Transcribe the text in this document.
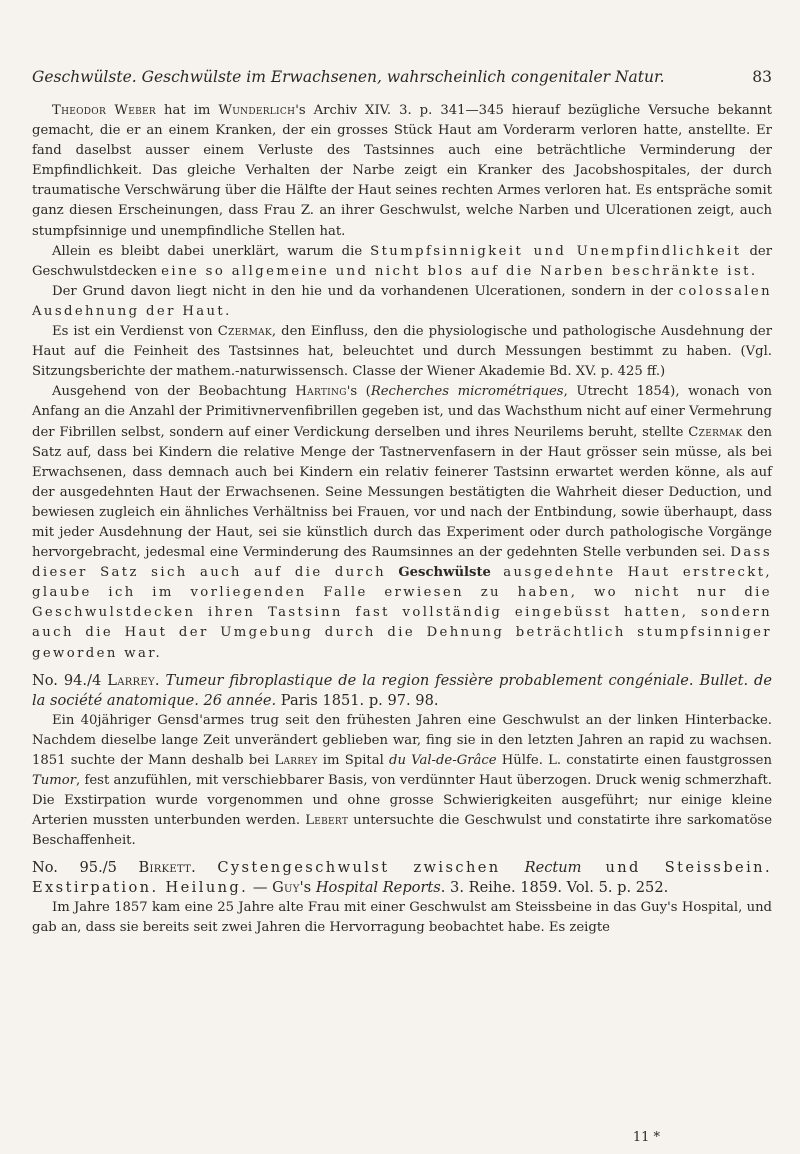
Geschwülste. Geschwülste im Erwachsenen, wahrscheinlich congenitaler Natur.	83

Theodor Weber hat im Wunderlich's Archiv XIV. 3. p. 341—345 hierauf bezügliche Versuche bekannt gemacht, die er an einem Kranken, der ein grosses Stück Haut am Vorderarm verloren hatte, anstellte. Er fand daselbst ausser einem Verluste des Tastsinnes auch eine beträchtliche Verminderung der Empfindlichkeit. Das gleiche Verhalten der Narbe zeigt ein Kranker des Jacobshospitales, der durch traumatische Verschwärung über die Hälfte der Haut seines rechten Armes verloren hat. Es entspräche somit ganz diesen Erscheinungen, dass Frau Z. an ihrer Geschwulst, welche Narben und Ulcerationen zeigt, auch stumpfsinnige und unempfindliche Stellen hat.

Allein es bleibt dabei unerklärt, warum die Stumpfsinnigkeit und Unempfindlichkeit der Geschwulstdecken eine so allgemeine und nicht blos auf die Narben beschränkte ist.

Der Grund davon liegt nicht in den hie und da vorhandenen Ulcerationen, sondern in der colossalen Ausdehnung der Haut.

Es ist ein Verdienst von Czermak, den Einfluss, den die physiologische und pathologische Ausdehnung der Haut auf die Feinheit des Tastsinnes hat, beleuchtet und durch Messungen bestimmt zu haben. (Vgl. Sitzungsberichte der mathem.-naturwissensch. Classe der Wiener Akademie Bd. XV. p. 425 ff.)

Ausgehend von der Beobachtung Harting's (Recherches micrométriques, Utrecht 1854), wonach von Anfang an die Anzahl der Primitivnervenfibrillen gegeben ist, und das Wachsthum nicht auf einer Vermehrung der Fibrillen selbst, sondern auf einer Verdickung derselben und ihres Neurilems beruht, stellte Czermak den Satz auf, dass bei Kindern die relative Menge der Tastnervenfasern in der Haut grösser sein müsse, als bei Erwachsenen, dass demnach auch bei Kindern ein relativ feinerer Tastsinn erwartet werden könne, als auf der ausgedehnten Haut der Erwachsenen. Seine Messungen bestätigten die Wahrheit dieser Deduction, und bewiesen zugleich ein ähnliches Verhältniss bei Frauen, vor und nach der Entbindung, sowie überhaupt, dass mit jeder Ausdehnung der Haut, sei sie künstlich durch das Experiment oder durch pathologische Vorgänge hervorgebracht, jedesmal eine Verminderung des Raumsinnes an der gedehnten Stelle verbunden sei. Dass dieser Satz sich auch auf die durch Geschwülste ausgedehnte Haut erstreckt, glaube ich im vorliegenden Falle erwiesen zu haben, wo nicht nur die Geschwulstdecken ihren Tastsinn fast vollständig eingebüsst hatten, sondern auch die Haut der Umgebung durch die Dehnung beträchtlich stumpfsinniger geworden war.

No. 94./4 Larrey. Tumeur fibroplastique de la region fessière probablement congéniale. Bullet. de la société anatomique. 26 année. Paris 1851. p. 97. 98.

Ein 40jähriger Gensd'armes trug seit den frühesten Jahren eine Geschwulst an der linken Hinterbacke. Nachdem dieselbe lange Zeit unverändert geblieben war, fing sie in den letzten Jahren an rapid zu wachsen. 1851 suchte der Mann deshalb bei Larrey im Spital du Val-de-Grâce Hülfe. L. constatirte einen faustgrossen Tumor, fest anzufühlen, mit verschiebbarer Basis, von verdünnter Haut überzogen. Druck wenig schmerzhaft. Die Exstirpation wurde vorgenommen und ohne grosse Schwierigkeiten ausgeführt; nur einige kleine Arterien mussten unterbunden werden. Lebert untersuchte die Geschwulst und constatirte ihre sarkomatöse Beschaffenheit.

No. 95./5 Birkett. Cystengeschwulst zwischen Rectum und Steissbein. Exstirpation. Heilung. — Guy's Hospital Reports. 3. Reihe. 1859. Vol. 5. p. 252.

Im Jahre 1857 kam eine 25 Jahre alte Frau mit einer Geschwulst am Steissbeine in das Guy's Hospital, und gab an, dass sie bereits seit zwei Jahren die Hervorragung beobachtet habe. Es zeigte

11 *
